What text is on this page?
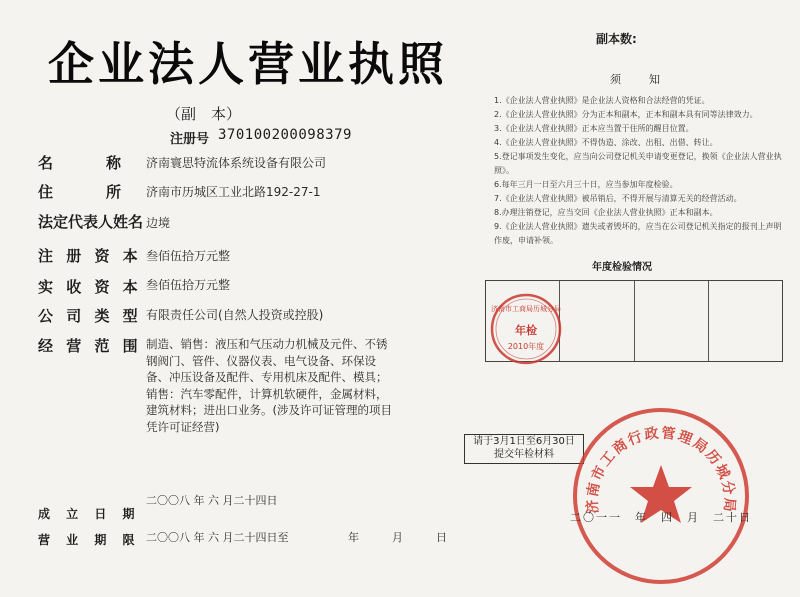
企业法人营业执照
（副　本）
注册号 370100200098379
名　　　称 济南寰思特流体系统设备有限公司
住　　　所 济南市历城区工业北路192-27-1
法定代表人姓名 边境
注 册 资 本 叁佰伍拾万元整
实 收 资 本 叁佰伍拾万元整
公 司 类 型 有限责任公司(自然人投资或控股)
经 营 范 围 制造、销售：液压和气压动力机械及元件、不锈钢阀门、管件、仪器仪表、电气设备、环保设备、冲压设备及配件、专用机床及配件、模具；销售：汽车零配件，计算机软硬件，金属材料，建筑材料；进出口业务。(涉及许可证管理的项目凭许可证经营)
二〇〇八 年 六 月二十四日
成 立 日 期
营 业 期 限 二〇〇八 年 六 月二十四日至	年　　　月　　　日
副本数:
须知
1.《企业法人营业执照》是企业法人资格和合法经营的凭证。
2.《企业法人营业执照》分为正本和副本，正本和副本具有同等法律效力。
3.《企业法人营业执照》正本应当置于住所的醒目位置。
4.《企业法人营业执照》不得伪造、涂改、出租、出借、转让。
5.登记事项发生变化，应当向公司登记机关申请变更登记，换领《企业法人营业执照》。
6.每年三月一日至六月三十日，应当参加年度检验。
7.《企业法人营业执照》被吊销后，不得开展与清算无关的经营活动。
8.办理注销登记，应当交回《企业法人营业执照》正本和副本。
9.《企业法人营业执照》遗失或者毁坏的，应当在公司登记机关指定的报刊上声明作废，申请补领。
年度检验情况
济南市工商局历城分局
年检
2010年度
请于3月1日至6月30日
提交年检材料
济南市工商行政管理局历城分局
二〇一一　年　四　月　二十日
